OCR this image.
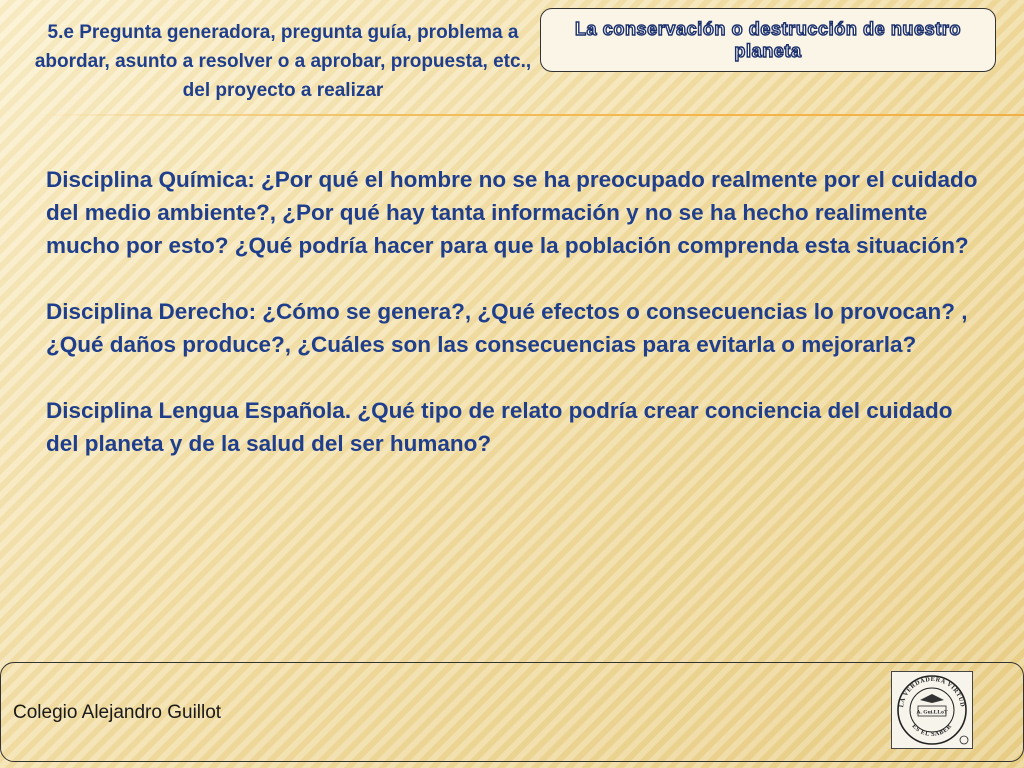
5.e Pregunta generadora, pregunta guía, problema a abordar, asunto a resolver o a aprobar, propuesta, etc., del proyecto a realizar
La conservación o destrucción de nuestro planeta

Disciplina Química: ¿Por qué el hombre no se ha preocupado realmente por el cuidado del medio ambiente?, ¿Por qué hay tanta información y no se ha hecho realimente mucho por esto? ¿Qué podría hacer para que la población comprenda esta situación?

Disciplina Derecho: ¿Cómo se genera?, ¿Qué efectos o consecuencias lo provocan? , ¿Qué daños produce?, ¿Cuáles son las consecuencias para evitarla o mejorarla?

Disciplina Lengua Española. ¿Qué tipo de relato podría crear conciencia del cuidado del planeta y de la salud del ser humano?

Colegio Alejandro Guillot	LA VERDADERA VIRTUD
ES EL SABER
A. Gui.LLoT
